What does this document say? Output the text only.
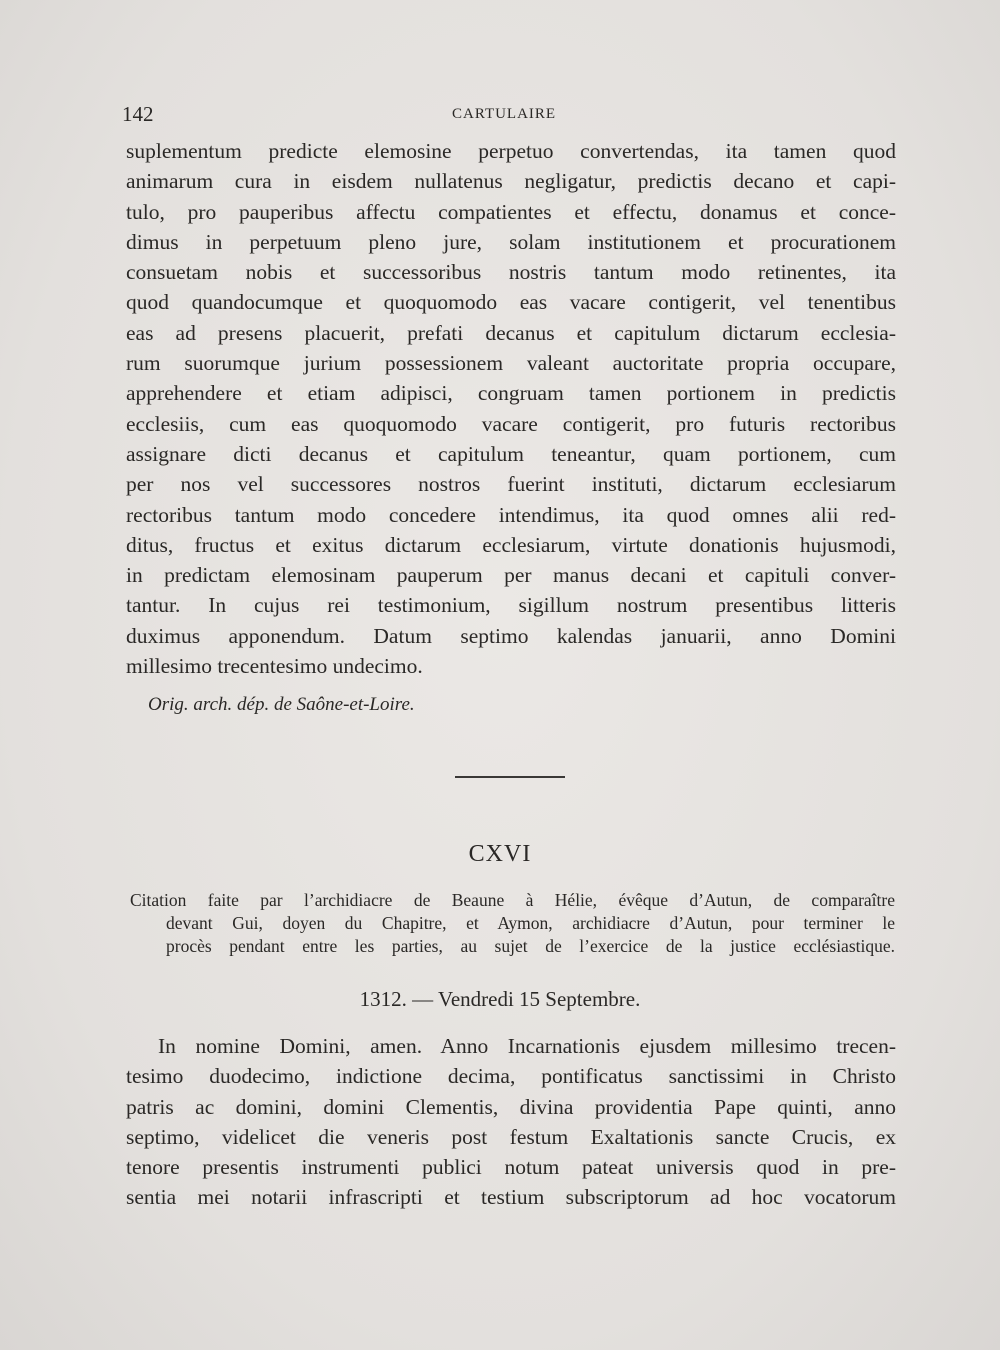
142	CARTULAIRE
suplementum predicte elemosine perpetuo convertendas, ita tamen quod
animarum cura in eisdem nullatenus negligatur, predictis decano et capi-
tulo, pro pauperibus affectu compatientes et effectu, donamus et conce-
dimus in perpetuum pleno jure, solam institutionem et procurationem
consuetam nobis et successoribus nostris tantum modo retinentes, ita
quod quandocumque et quoquomodo eas vacare contigerit, vel tenentibus
eas ad presens placuerit, prefati decanus et capitulum dictarum ecclesia-
rum suorumque jurium possessionem valeant auctoritate propria occupare,
apprehendere et etiam adipisci, congruam tamen portionem in predictis
ecclesiis, cum eas quoquomodo vacare contigerit, pro futuris rectoribus
assignare dicti decanus et capitulum teneantur, quam portionem, cum
per nos vel successores nostros fuerint instituti, dictarum ecclesiarum
rectoribus tantum modo concedere intendimus, ita quod omnes alii red-
ditus, fructus et exitus dictarum ecclesiarum, virtute donationis hujusmodi,
in predictam elemosinam pauperum per manus decani et capituli conver-
tantur. In cujus rei testimonium, sigillum nostrum presentibus litteris
duximus apponendum. Datum septimo kalendas januarii, anno Domini
millesimo trecentesimo undecimo.
Orig. arch. dép. de Saône-et-Loire.
CXVI
Citation faite par l’archidiacre de Beaune à Hélie, évêque d’Autun, de comparaître
devant Gui, doyen du Chapitre, et Aymon, archidiacre d’Autun, pour terminer le
procès pendant entre les parties, au sujet de l’exercice de la justice ecclésiastique.
1312. — Vendredi 15 Septembre.
In nomine Domini, amen. Anno Incarnationis ejusdem millesimo trecen-
tesimo duodecimo, indictione decima, pontificatus sanctissimi in Christo
patris ac domini, domini Clementis, divina providentia Pape quinti, anno
septimo, videlicet die veneris post festum Exaltationis sancte Crucis, ex
tenore presentis instrumenti publici notum pateat universis quod in pre-
sentia mei notarii infrascripti et testium subscriptorum ad hoc vocatorum
